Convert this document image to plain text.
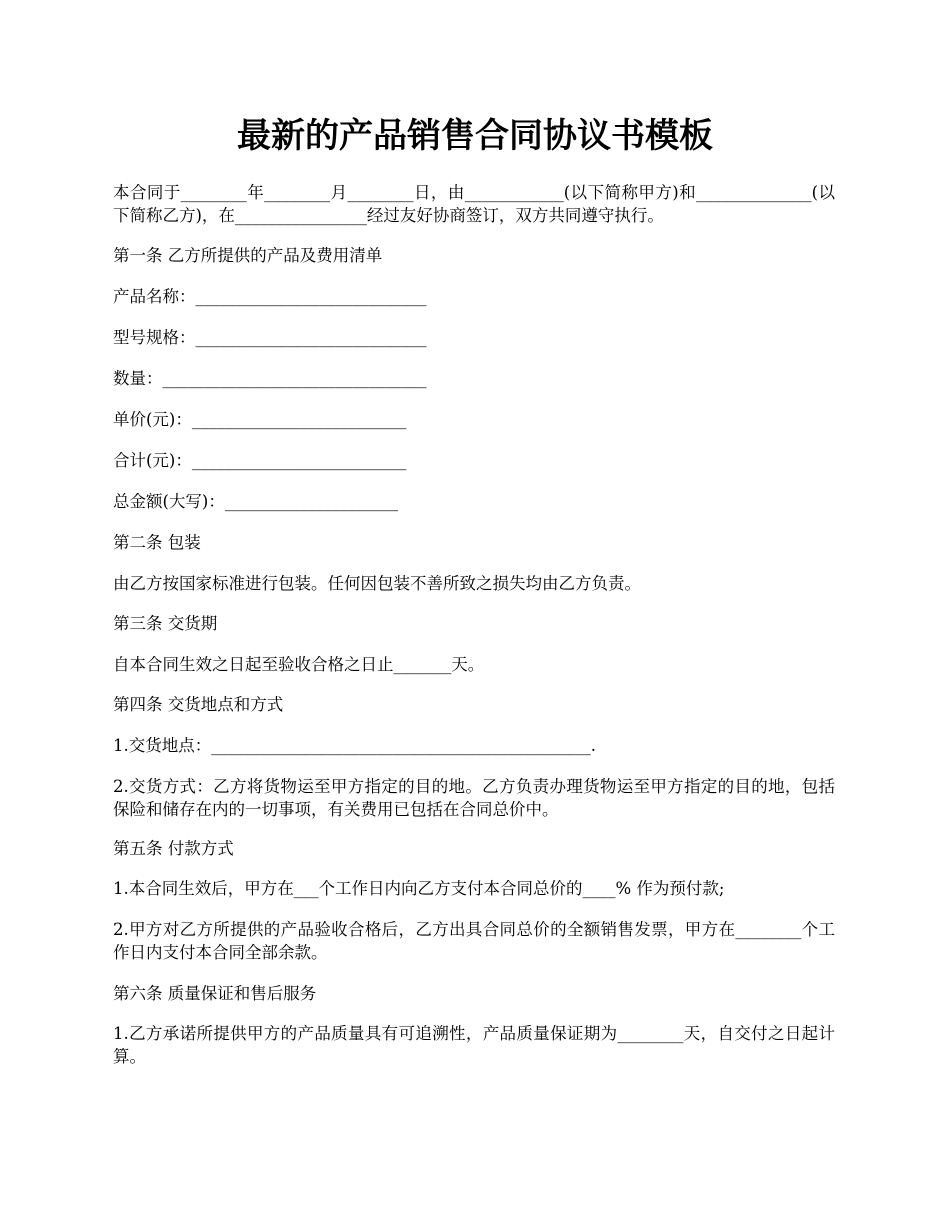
最新的产品销售合同协议书模板

本合同于________年________月________日，由____________(以下简称甲方)和______________(以下简称乙方)，在________________经过友好协商签订，双方共同遵守执行。

第一条 乙方所提供的产品及费用清单

产品名称：____________________________

型号规格：____________________________

数量：________________________________

单价(元)：__________________________

合计(元)：__________________________

总金额(大写)：_____________________

第二条 包装

由乙方按国家标准进行包装。任何因包装不善所致之损失均由乙方负责。

第三条 交货期

自本合同生效之日起至验收合格之日止_______天。

第四条 交货地点和方式

1.交货地点：______________________________________________.

2.交货方式：乙方将货物运至甲方指定的目的地。乙方负责办理货物运至甲方指定的目的地，包括保险和储存在内的一切事项，有关费用已包括在合同总价中。

第五条 付款方式

1.本合同生效后，甲方在___个工作日内向乙方支付本合同总价的____% 作为预付款;

2.甲方对乙方所提供的产品验收合格后，乙方出具合同总价的全额销售发票，甲方在________个工作日内支付本合同全部余款。

第六条 质量保证和售后服务

1.乙方承诺所提供甲方的产品质量具有可追溯性，产品质量保证期为________天，自交付之日起计算。
